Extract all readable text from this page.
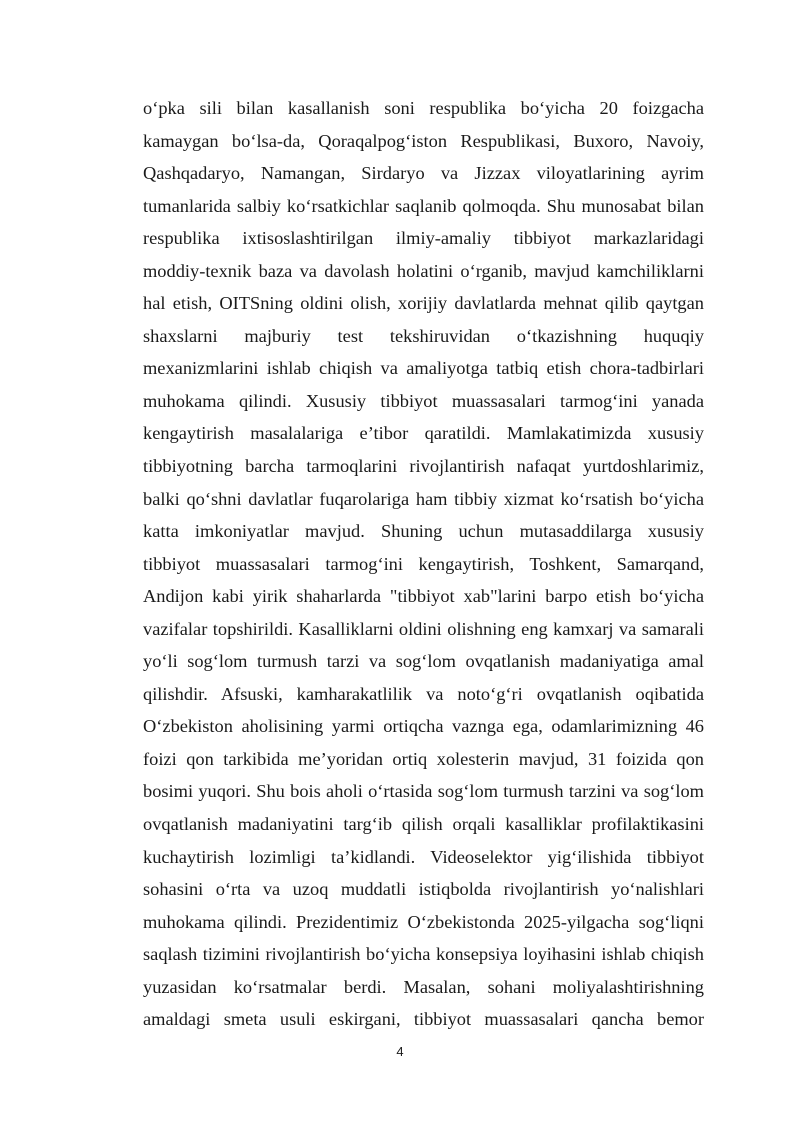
o‘pka sili bilan kasallanish soni respublika bo‘yicha 20 foizgacha
kamaygan bo‘lsa-da, Qoraqalpog‘iston Respublikasi, Buxoro, Navoiy,
Qashqadaryo, Namangan, Sirdaryo va Jizzax viloyatlarining ayrim
tumanlarida salbiy ko‘rsatkichlar saqlanib qolmoqda. Shu munosabat bilan
respublika ixtisoslashtirilgan ilmiy-amaliy tibbiyot markazlaridagi
moddiy-texnik baza va davolash holatini o‘rganib, mavjud kamchiliklarni
hal etish, OITSning oldini olish, xorijiy davlatlarda mehnat qilib qaytgan
shaxslarni majburiy test tekshiruvidan o‘tkazishning huquqiy
mexanizmlarini ishlab chiqish va amaliyotga tatbiq etish chora-tadbirlari
muhokama qilindi. Xususiy tibbiyot muassasalari tarmog‘ini yanada
kengaytirish masalalariga e’tibor qaratildi. Mamlakatimizda xususiy
tibbiyotning barcha tarmoqlarini rivojlantirish nafaqat yurtdoshlarimiz,
balki qo‘shni davlatlar fuqarolariga ham tibbiy xizmat ko‘rsatish bo‘yicha
katta imkoniyatlar mavjud. Shuning uchun mutasaddilarga xususiy
tibbiyot muassasalari tarmog‘ini kengaytirish, Toshkent, Samarqand,
Andijon kabi yirik shaharlarda "tibbiyot xab"larini barpo etish bo‘yicha
vazifalar topshirildi. Kasalliklarni oldini olishning eng kamxarj va samarali
yo‘li sog‘lom turmush tarzi va sog‘lom ovqatlanish madaniyatiga amal
qilishdir. Afsuski, kamharakatlilik va noto‘g‘ri ovqatlanish oqibatida
O‘zbekiston aholisining yarmi ortiqcha vaznga ega, odamlarimizning 46
foizi qon tarkibida me’yoridan ortiq xolesterin mavjud, 31 foizida qon
bosimi yuqori. Shu bois aholi o‘rtasida sog‘lom turmush tarzini va sog‘lom
ovqatlanish madaniyatini targ‘ib qilish orqali kasalliklar profilaktikasini
kuchaytirish lozimligi ta’kidlandi. Videoselektor yig‘ilishida tibbiyot
sohasini o‘rta va uzoq muddatli istiqbolda rivojlantirish yo‘nalishlari
muhokama qilindi. Prezidentimiz O‘zbekistonda 2025-yilgacha sog‘liqni
saqlash tizimini rivojlantirish bo‘yicha konsepsiya loyihasini ishlab chiqish
yuzasidan ko‘rsatmalar berdi. Masalan, sohani moliyalashtirishning
amaldagi smeta usuli eskirgani, tibbiyot muassasalari qancha bemor
4
